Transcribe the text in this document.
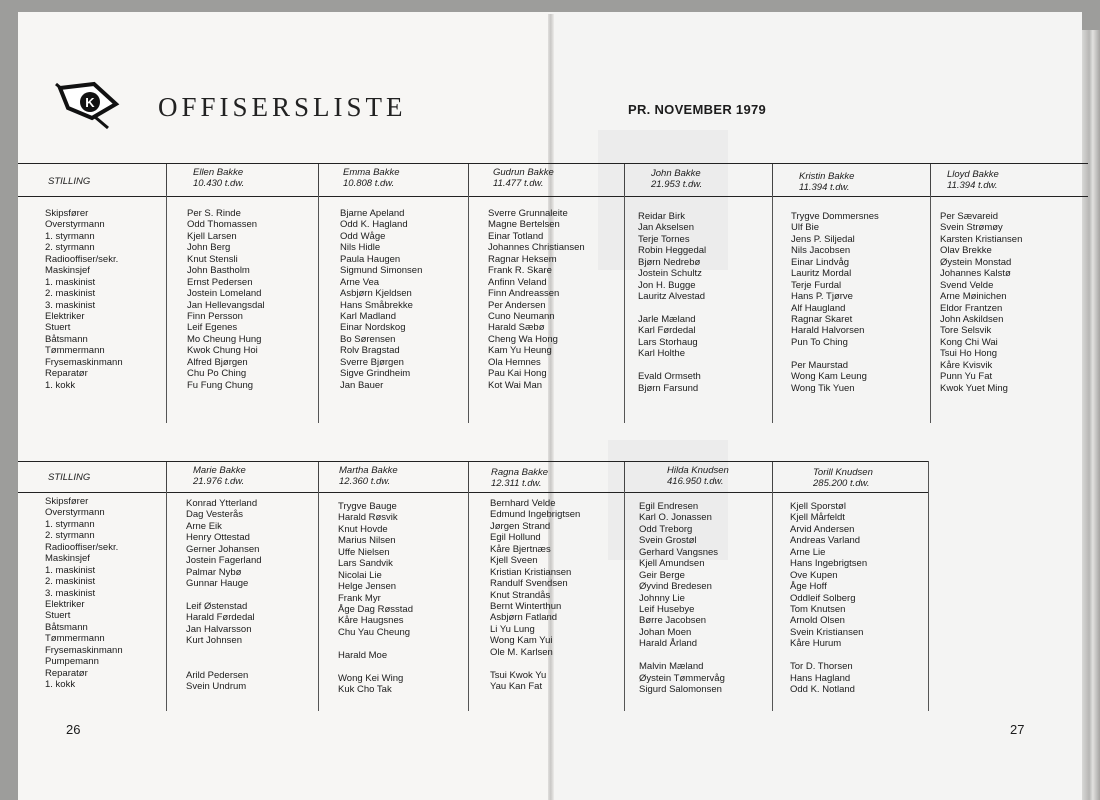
K OFFISERSLISTE	PR. NOVEMBER 1979
STILLING
Ellen Bakke
10.430 t.dw.
Emma Bakke
10.808 t.dw.
Gudrun Bakke
11.477 t.dw.
John Bakke
21.953 t.dw.
Kristin Bakke
11.394 t.dw.
Lloyd Bakke
11.394 t.dw.
Skipsfører
Overstyrmann
1. styrmann
2. styrmann
Radiooffiser/sekr.
Maskinsjef
1. maskinist
2. maskinist
3. maskinist
Elektriker
Stuert
Båtsmann
Tømmermann
Frysemaskinmann
Reparatør
1. kokk
Per S. Rinde
Odd Thomassen
Kjell Larsen
John Berg
Knut Stensli
John Bastholm
Ernst Pedersen
Jostein Lomeland
Jan Hellevangsdal
Finn Persson
Leif Egenes
Mo Cheung Hung
Kwok Chung Hoi
Alfred Bjørgen
Chu Po Ching
Fu Fung Chung
Bjarne Apeland
Odd K. Hagland
Odd Wåge
Nils Hidle
Paula Haugen
Sigmund Simonsen
Arne Vea
Asbjørn Kjeldsen
Hans Småbrekke
Karl Madland
Einar Nordskog
Bo Sørensen
Rolv Bragstad
Sverre Bjørgen
Sigve Grindheim
Jan Bauer
Sverre Grunnaleite
Magne Bertelsen
Einar Totland
Johannes Christiansen
Ragnar Heksem
Frank R. Skare
Anfinn Veland
Finn Andreassen
Per Andersen
Cuno Neumann
Harald Sæbø
Cheng Wa Hong
Kam Yu Heung
Ola Hemnes
Pau Kai Hong
Kot Wai Man
Reidar Birk
Jan Akselsen
Terje Tornes
Robin Heggedal
Bjørn Nedrebø
Jostein Schultz
Jon H. Bugge
Lauritz Alvestad
Jarle Mæland
Karl Førdedal
Lars Storhaug
Karl Holthe
Evald Ormseth
Bjørn Farsund
Trygve Dommersnes
Ulf Bie
Jens P. Siljedal
Nils Jacobsen
Einar Lindvåg
Lauritz Mordal
Terje Furdal
Hans P. Tjørve
Alf Haugland
Ragnar Skaret
Harald Halvorsen
Pun To Ching
Per Maurstad
Wong Kam Leung
Wong Tik Yuen
Per Sævareid
Svein Strømøy
Karsten Kristiansen
Olav Brekke
Øystein Monstad
Johannes Kalstø
Svend Velde
Arne Møinichen
Eldor Frantzen
John Askildsen
Tore Selsvik
Kong Chi Wai
Tsui Ho Hong
Kåre Kvisvik
Punn Yu Fat
Kwok Yuet Ming
STILLING
Marie Bakke
21.976 t.dw.
Martha Bakke
12.360 t.dw.
Ragna Bakke
12.311 t.dw.
Hilda Knudsen
416.950 t.dw.
Torill Knudsen
285.200 t.dw.
Skipsfører
Overstyrmann
1. styrmann
2. styrmann
Radiooffiser/sekr.
Maskinsjef
1. maskinist
2. maskinist
3. maskinist
Elektriker
Stuert
Båtsmann
Tømmermann
Frysemaskinmann
Pumpemann
Reparatør
1. kokk
Konrad Ytterland
Dag Vesterås
Arne Eik
Henry Ottestad
Gerner Johansen
Jostein Fagerland
Palmar Nybø
Gunnar Hauge
Leif Østenstad
Harald Førdedal
Jan Halvarsson
Kurt Johnsen
Arild Pedersen
Svein Undrum
Trygve Bauge
Harald Røsvik
Knut Hovde
Marius Nilsen
Uffe Nielsen
Lars Sandvik
Nicolai Lie
Helge Jensen
Frank Myr
Åge Dag Røsstad
Kåre Haugsnes
Chu Yau Cheung
Harald Moe
Wong Kei Wing
Kuk Cho Tak
Bernhard Velde
Edmund Ingebrigtsen
Jørgen Strand
Egil Hollund
Kåre Bjertnæs
Kjell Sveen
Kristian Kristiansen
Randulf Svendsen
Knut Strandås
Bernt Winterthun
Asbjørn Fatland
Li Yu Lung
Wong Kam Yui
Ole M. Karlsen
Tsui Kwok Yu
Yau Kan Fat
Egil Endresen
Karl O. Jonassen
Odd Treborg
Svein Grostøl
Gerhard Vangsnes
Kjell Amundsen
Geir Berge
Øyvind Bredesen
Johnny Lie
Leif Husebye
Børre Jacobsen
Johan Moen
Harald Årland
Malvin Mæland
Øystein Tømmervåg
Sigurd Salomonsen
Kjell Sporstøl
Kjell Mårfeldt
Arvid Andersen
Andreas Varland
Arne Lie
Hans Ingebrigtsen
Ove Kupen
Åge Hoff
Oddleif Solberg
Tom Knutsen
Arnold Olsen
Svein Kristiansen
Kåre Hurum
Tor D. Thorsen
Hans Hagland
Odd K. Notland
26	27
